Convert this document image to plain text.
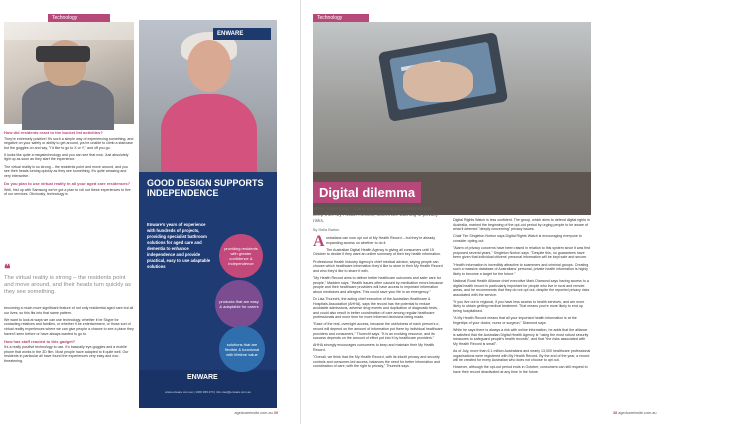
Technology
How did residents react to the bucket list activities?

They're extremely positive! It's such a simple way of experiencing something, and negative on your safety or ability to get around, you're unable to climb a staircase but the goggles on and say, "I'd like to go to X or Y," and off you go.

It looks like quite a megatechnology and you can see that now. Just absolutely light up as soon as they start the experience.

The virtual reality is so strong – the residents point and move around, and you see their heads turning quickly as they see something. It's quite amazing and very interactive.

Do you plan to use virtual reality in all your aged care residences?

Well, first up with Samsung we've got a plan to roll out these experiences to five of our services. Obviously, technology is

❝
The virtual reality is strong – the residents point and move around, and their heads turn quickly as they see something.

becoming a much more significant feature of not only residential aged care but all our lives, so this fits into that same pattern.

We want to look at ways we can use technology, whether it be Skype for contacting relatives and families, or whether it be entertainment, or those sort of virtual reality experiences where we can give people a chance to see a place they haven't seen before or have always wanted to go to.

How has staff reacted to this gadget?

It's a really positive technology to use. It's basically eye-goggles and a mobile phone that works in the 3D film. Most people have adapted to it quite well. Our residents in particular all have found the experiences very easy and non-threatening.

ENWARE
GOOD DESIGN SUPPORTS INDEPENDENCE
Enware's years of experience with hundreds of projects, providing specialist bathroom solutions for aged care and dementia to enhance independence and provide practical, easy to use adaptable solutions
providing residents with greater confidence & independence
products that are easy & adaptable for carers
solutions that are flexible & functional with lifetime value
ENWARE
www.enware.com.au | 1300 369 273 | info-nsw@enware.com.au
agedcareinsite.com.au 39
Technology
Digital dilemma
While some peak bodies are encouraging consumers to keep their My Health Record, others are warning of privacy risks.
By Della Barton

Australians can now opt out of My Health Record – but they're already expanding access on whether to do it.

The Australian Digital Health Agency is giving all consumers until 15 October to decide if they want an online summary of their key health information.

Professional Health Industry Agency's chief medical advisor, saying people can choose which healthcare information they'd like to store in their My Health Record and who they'd like to share it with.

"My Health Record aims to deliver better healthcare outcomes and safer care for people," Madden says. "Health issues often caused by medication errors because people and their healthcare providers will have access to important information about medicines and allergies. This could save your life in an emergency."

Dr Lisa Thurecht, the acting chief executive of the Australian Healthcare & Hospitals Association (AHHA), says the record has the potential to reduce avoidable admissions, adverse drug events and duplication of diagnostic tests, and could also result in better coordination of care among regular healthcare professionals and more time for more informed decisions being made.

"Ease of the real, overnight access, because the usefulness of each person's e-record will depend on the amount of information put there by individual healthcare providers and consumers," Thurecht says. "It is an evolving resource, and its success depends on the amount of effort put into it by healthcare providers."

AHHA strongly encourages consumers to keep and maintain their My Health Record.

"Overall, we think that the My Health Record, with its inbuilt privacy and security controls and consumer-led access, balances the need for better information and coordination of care, with the right to privacy," Thurecht says.

Digital Rights Watch is less confident. The group, which aims to defend digital rights in Australia, marked the beginning of the opt-out period by urging people to be aware of what it deemed "deeply concerning" privacy issues.

Chair Tim Singleton Norton says Digital Rights Watch is encouraging everyone to consider opting out.

"Alarm of privacy concerns have been raised in relation to this system since it was first proposed several years," Singleton Norton says. "Despite this, no guarantees have been given that individual citizens' personal information will be kept safe and secure.

"Health information is incredibly attractive to scammers and criminal groups. Creating such a massive database of Australians' personal, private health information is highly likely to become a target for the future."

National Rural Health Alliance chief executive Mark Diamond says having access to a digital health record is particularly important for people who live in rural and remote areas, and he recommends that they do not opt out, despite the reported privacy risks associated with the service.

"If you live out in regional, if you have less access to health services, and are more likely to obtain getting medical treatment. That means you're more likely to end up being hospitalised.

"A My Health Record means that all your important health information is at the fingertips of your doctor, nurse or surgeon," Diamond says.

While he says there is always a risk with online information, he adds that the alliance is satisfied that the Australian Digital Health Agency is "using the most robust security measures to safeguard people's health records", and that "the risks associated with My Health Record is small".

As of July, more than 6.1 million Australians and nearly 13,000 healthcare professional organisations were registered with My Health Record. By the end of the year, a record will be created for every Australian who does not choose to opt out.

However, although the opt-out period ends in October, consumers can still request to have their record deactivated at any time in the future.

38 agedcareinsite.com.au
